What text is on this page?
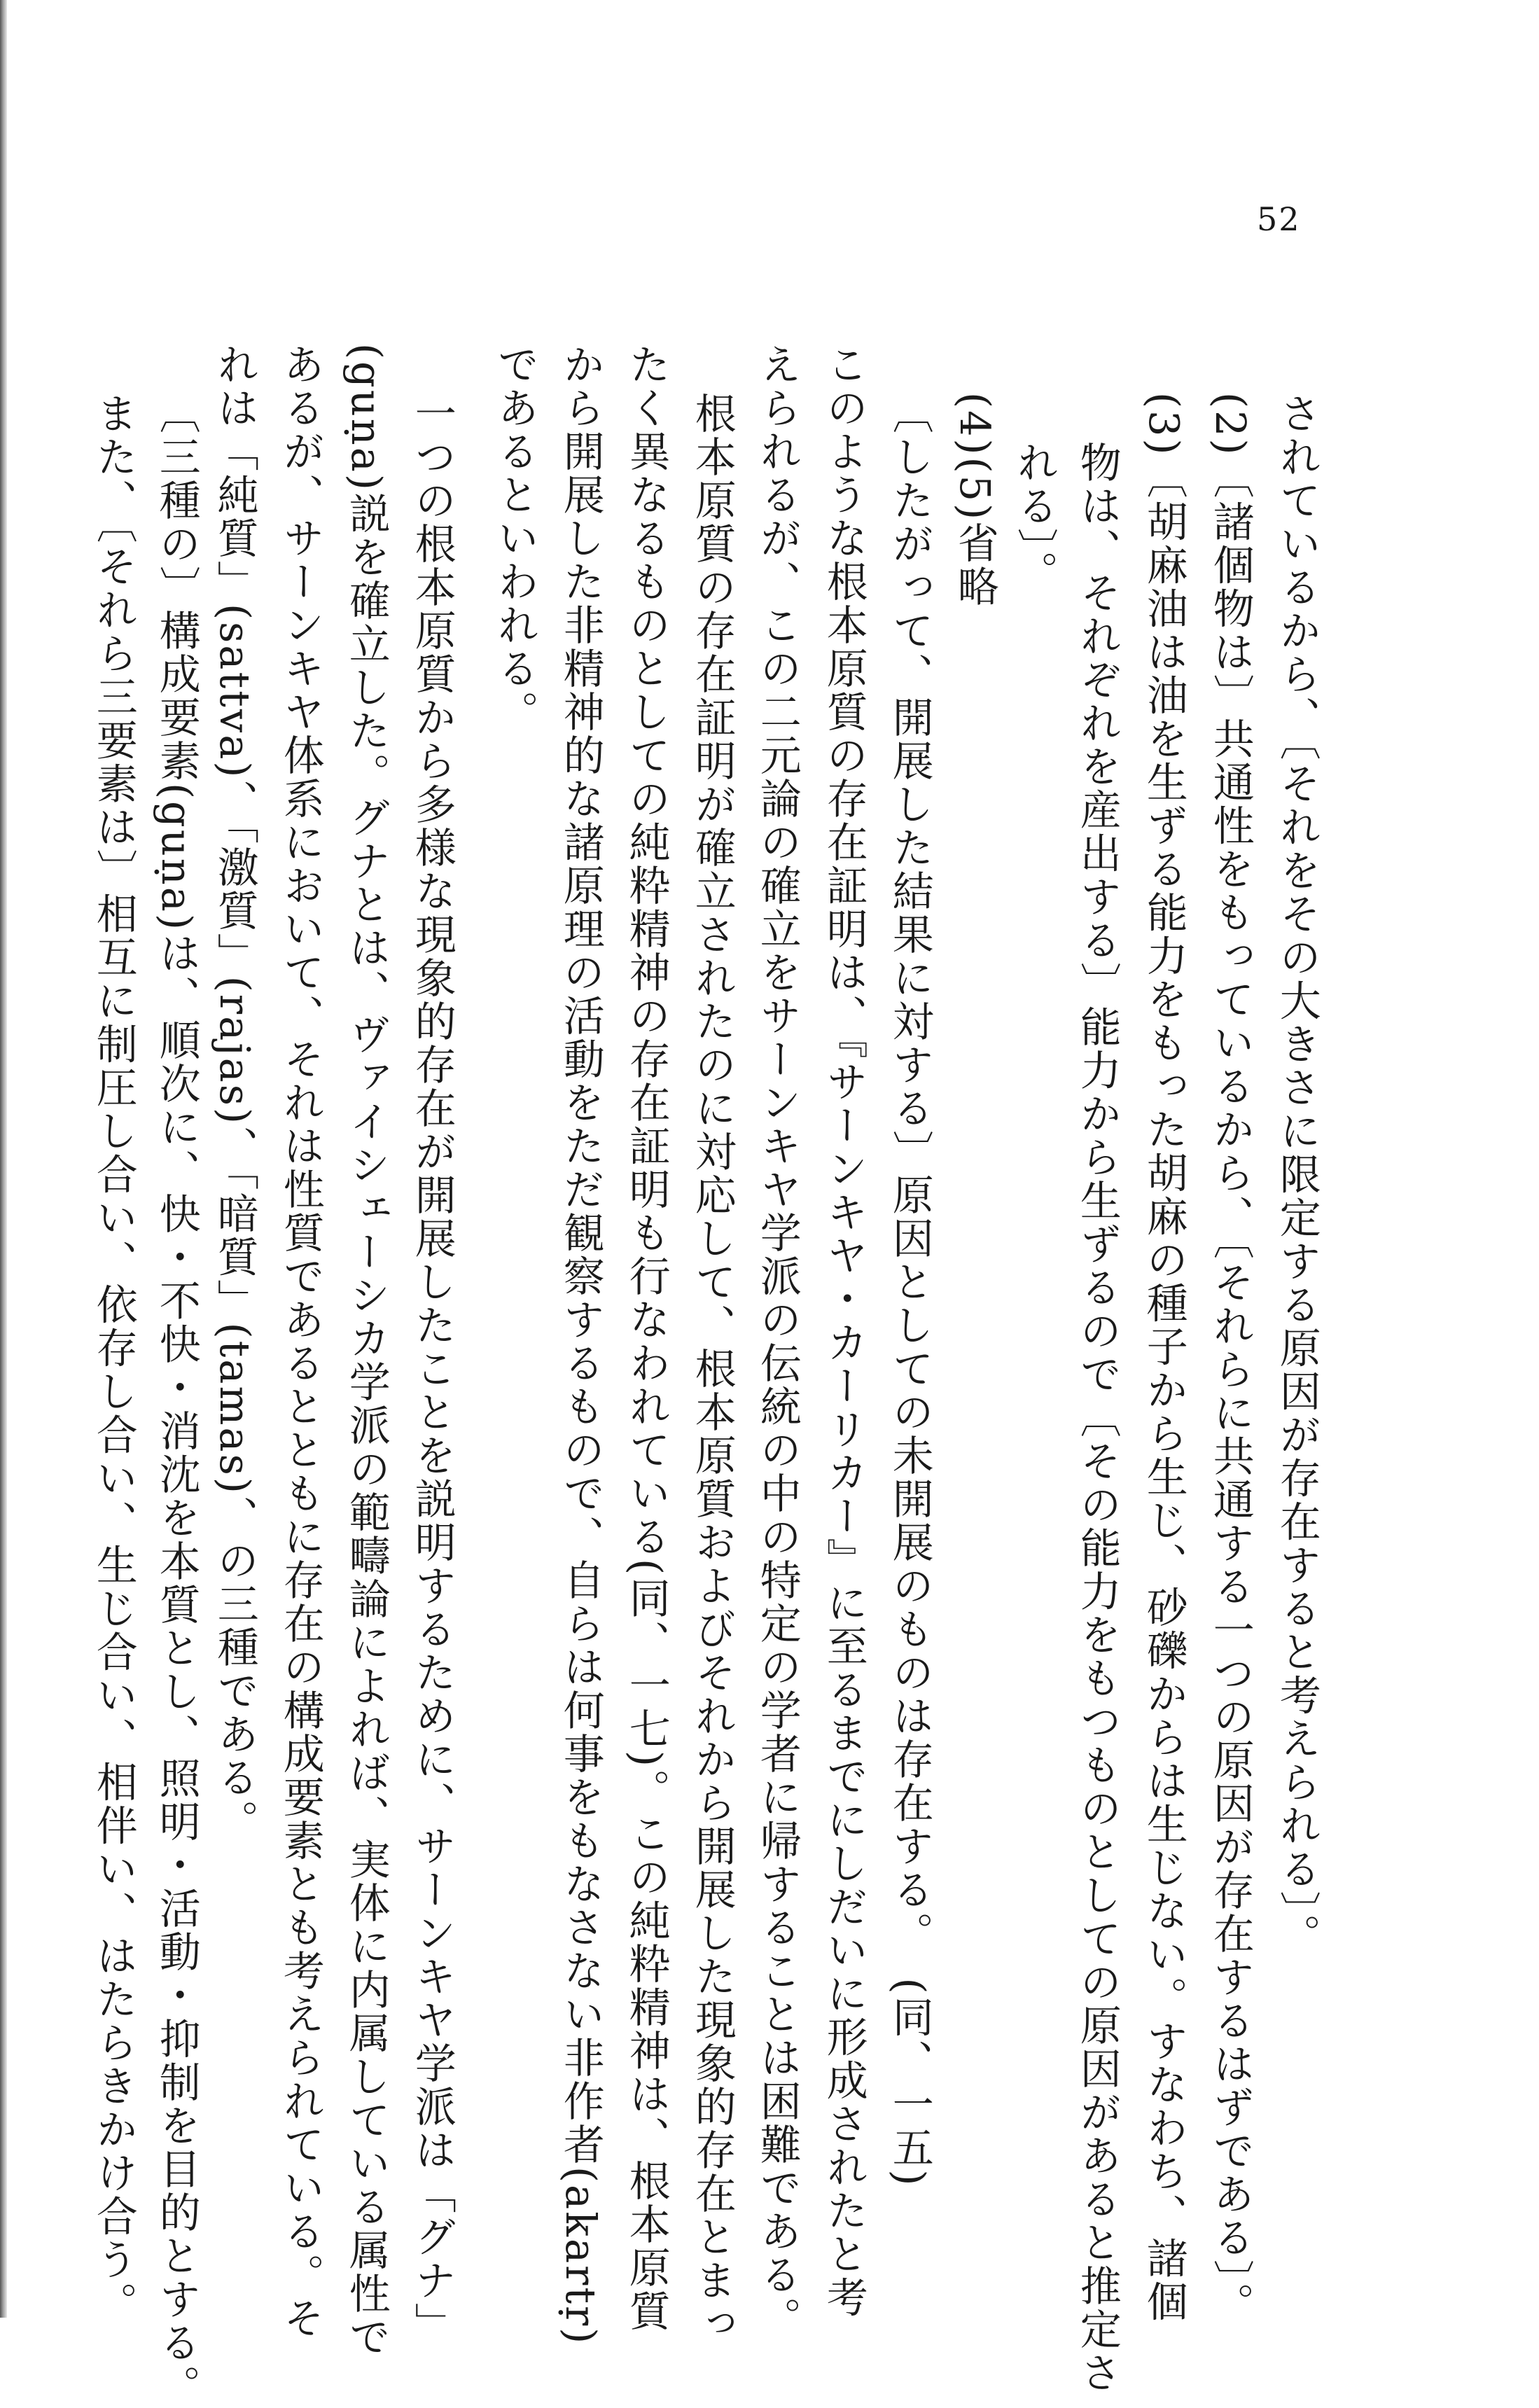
52
されているから、〔それをその大きさに限定する原因が存在すると考えられる〕。
(2)〔諸個物は〕共通性をもっているから、〔それらに共通する一つの原因が存在するはずである〕。
(3)〔胡麻油は油を生ずる能力をもった胡麻の種子から生じ、砂礫からは生じない。すなわち、諸個
物は、それぞれを産出する〕能力から生ずるので〔その能力をもつものとしての原因があると推定さ
れる〕。
(4)(5)省略
〔したがって、開展した結果に対する〕原因としての未開展のものは存在する。　(同、一五)
このような根本原質の存在証明は、『サーンキヤ・カーリカー』に至るまでにしだいに形成されたと考
えられるが、この二元論の確立をサーンキヤ学派の伝統の中の特定の学者に帰することは困難である。
根本原質の存在証明が確立されたのに対応して、根本原質およびそれから開展した現象的存在とまっ
たく異なるものとしての純粋精神の存在証明も行なわれている(同、一七)。この純粋精神は、根本原質
から開展した非精神的な諸原理の活動をただ観察するもので、自らは何事をもなさない非作者(akartṛ)
であるといわれる。
一つの根本原質から多様な現象的存在が開展したことを説明するために、サーンキヤ学派は「グナ」
(guṇa)説を確立した。グナとは、ヴァイシェーシカ学派の範疇論によれば、実体に内属している属性で
あるが、サーンキヤ体系において、それは性質であるとともに存在の構成要素とも考えられている。そ
れは「純質」(sattva)、「激質」(rajas)、「暗質」(tamas)、の三種である。
〔三種の〕構成要素(guṇa)は、順次に、快・不快・消沈を本質とし、照明・活動・抑制を目的とする。
また、〔それら三要素は〕相互に制圧し合い、依存し合い、生じ合い、相伴い、はたらきかけ合う。
